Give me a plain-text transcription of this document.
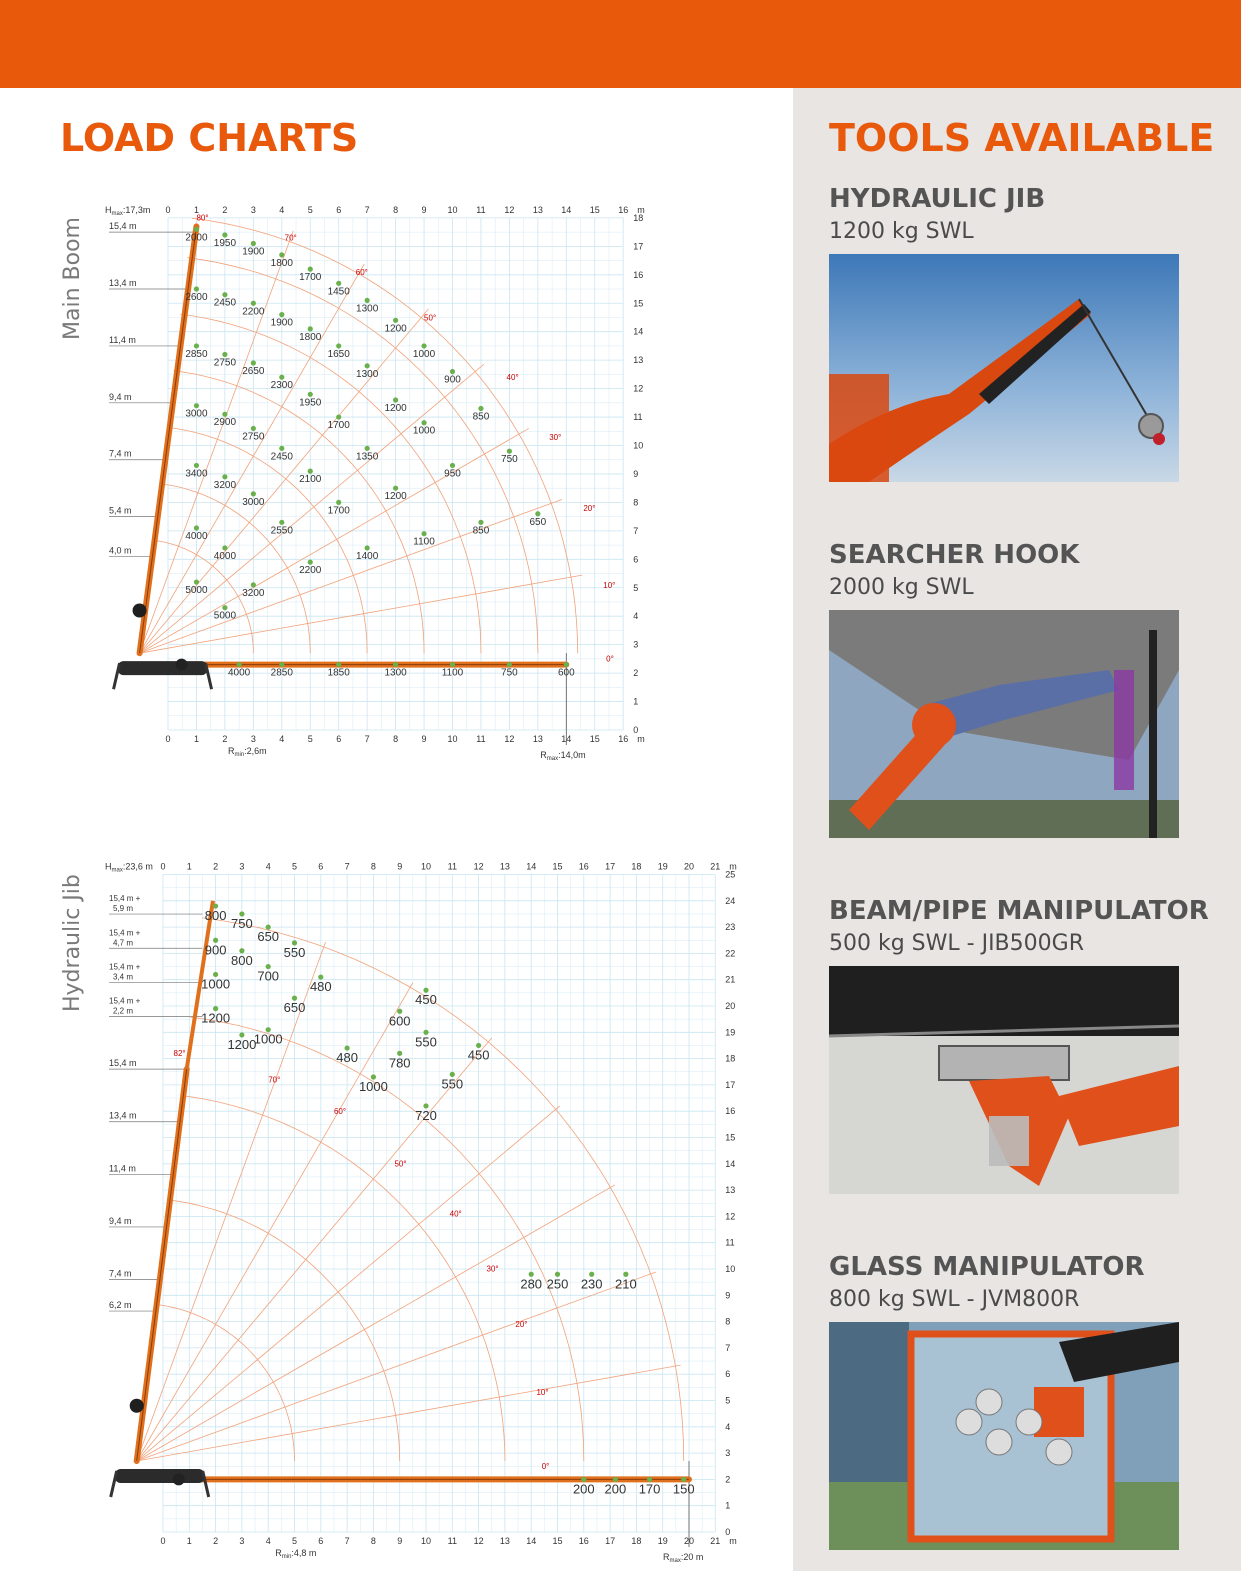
LOAD CHARTS	TOOLS AVAILABLE
Main Boom
Hydraulic Jib
0
0
1
1
2
2
3
3
4
4
5
5
6
6
7
7
8
8
9
9
10
10
11
11
12
12
13
13
14
14
15
15
16
16
m
m
0
1
2
3
4
5
6
7
8
9
10
11
12
13
14
15
16
17
18
$H_{max}:17,3m$
$R_{min}:2,6m$	$R_{max}:14,0m$
15,4 m
13,4 m
11,4 m
9,4 m
7,4 m
5,4 m
4,0 m
80°
70°
60°
50°
40°
30°
20°
10°
0°
2000
1950
1900
1800
1700
1450
1300
1200
1000
2600
2450
2200
1900
1800
1650
1300
900
2850
2750
2650
2300
1950
1200
850
3000
2900
2750
2450
1700
1000
750
3400
3200
3000
2100
1350
950
1200
4000
4000
2550
1700
850
650
1100
5000	3200
2200
1400
5000
4000 2850	1850	1300	1100	750	600
0
0
1
1
2
2
3
3
4
4
5
5
6
6
7
7
8
8
9
9
10
10
11
11
12
12
13
13
14
14
15
15
16
16
17
17
18
18
19
19
20
20
21
21
m
m
0
1
2
3
4
5
6
7
8
9
10
11
12
13
14
15
16
17
18
19
20
21
22
23
24
25
$H_{max}:23,6$ m
$R_{min}:4,8$ m	$R_{max}:20$ m
15,4 m +
5,9 m
15,4 m +
4,7 m
15,4 m +
3,4 m
15,4 m +
2,2 m
15,4 m
13,4 m
11,4 m
9,4 m
7,4 m
6,2 m
82°
70°
60°
50°
40°
30°
20°
10°
0°
800
750
650
550
480
900
800
700
650
1000
1000
480
1200
1200
450
600
550
780
450
550
1000
720
280 250 230 210
200 200 170 150
HYDRAULIC JIB
1200 kg SWL
SEARCHER HOOK
2000 kg SWL
BEAM/PIPE MANIPULATOR
500 kg SWL - JIB500GR
GLASS MANIPULATOR
800 kg SWL - JVM800R
